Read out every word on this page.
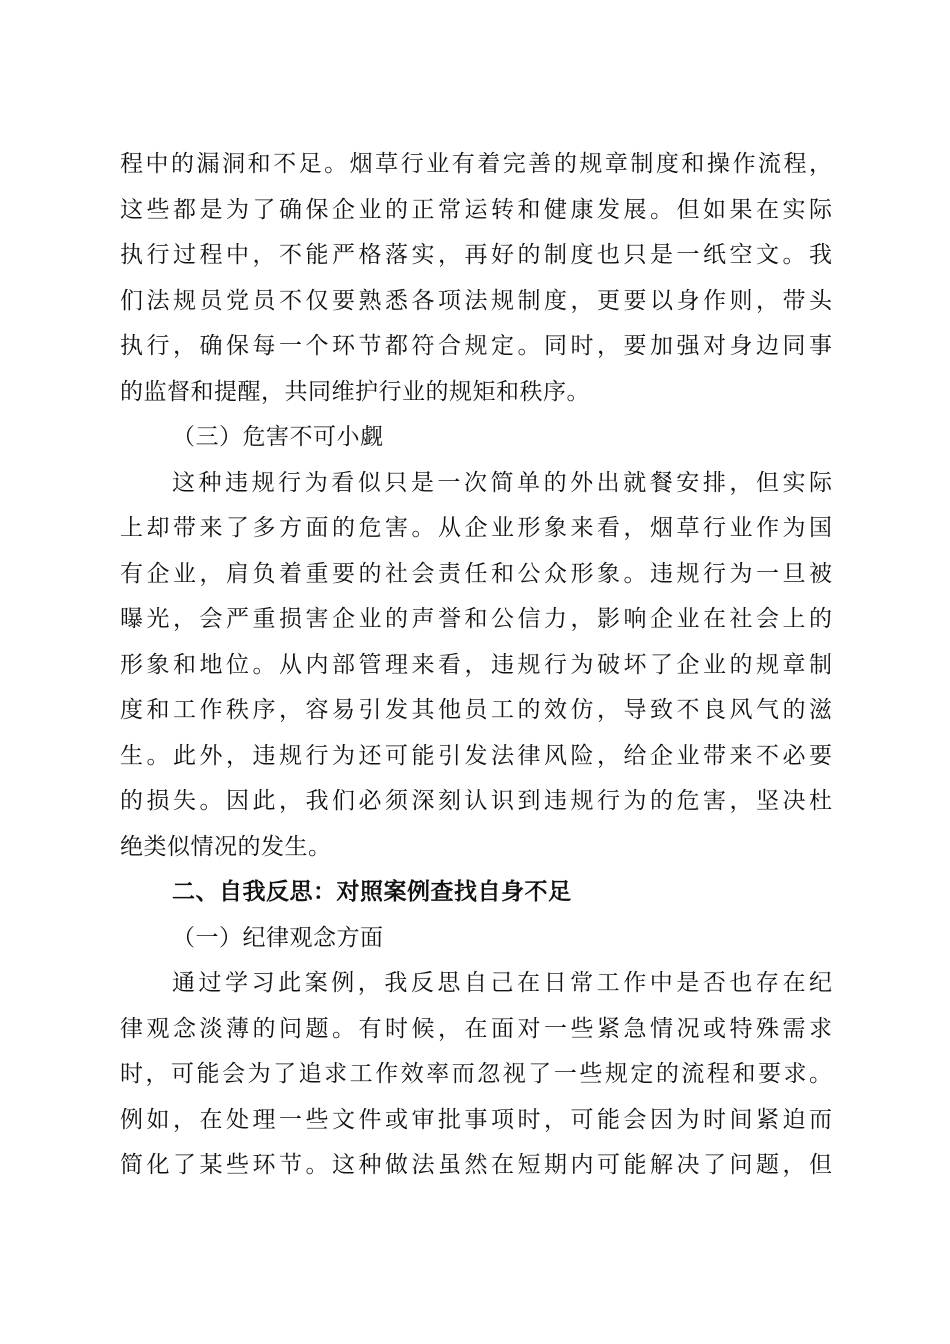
程中的漏洞和不足。烟草行业有着完善的规章制度和操作流程，
这些都是为了确保企业的正常运转和健康发展。但如果在实际
执行过程中，不能严格落实，再好的制度也只是一纸空文。我
们法规员党员不仅要熟悉各项法规制度，更要以身作则，带头
执行，确保每一个环节都符合规定。同时，要加强对身边同事
的监督和提醒，共同维护行业的规矩和秩序。
（三）危害不可小觑
这种违规行为看似只是一次简单的外出就餐安排，但实际
上却带来了多方面的危害。从企业形象来看，烟草行业作为国
有企业，肩负着重要的社会责任和公众形象。违规行为一旦被
曝光，会严重损害企业的声誉和公信力，影响企业在社会上的
形象和地位。从内部管理来看，违规行为破坏了企业的规章制
度和工作秩序，容易引发其他员工的效仿，导致不良风气的滋
生。此外，违规行为还可能引发法律风险，给企业带来不必要
的损失。因此，我们必须深刻认识到违规行为的危害，坚决杜
绝类似情况的发生。
二、自我反思：对照案例查找自身不足
（一）纪律观念方面
通过学习此案例，我反思自己在日常工作中是否也存在纪
律观念淡薄的问题。有时候，在面对一些紧急情况或特殊需求
时，可能会为了追求工作效率而忽视了一些规定的流程和要求。
例如，在处理一些文件或审批事项时，可能会因为时间紧迫而
简化了某些环节。这种做法虽然在短期内可能解决了问题，但
